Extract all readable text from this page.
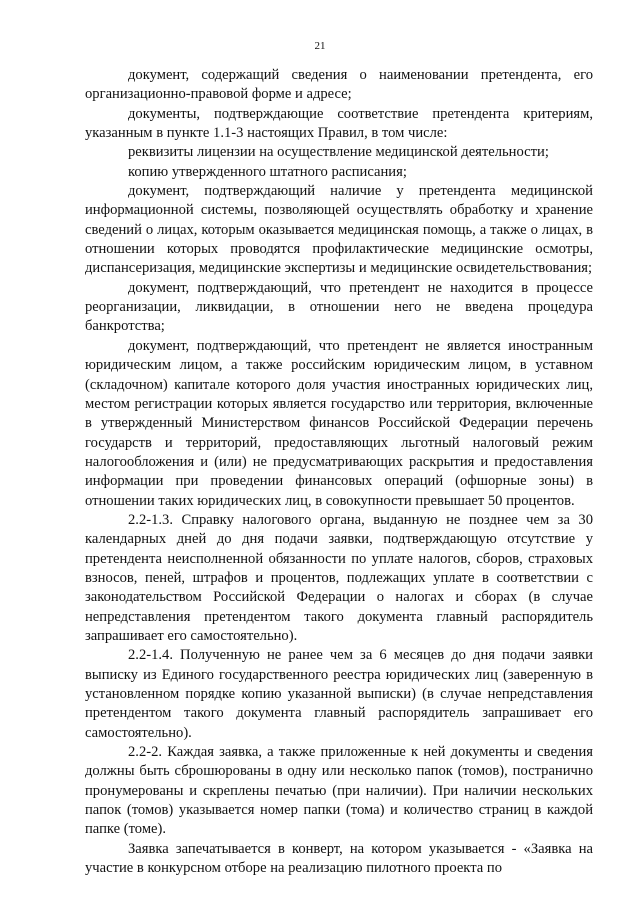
21

документ, содержащий сведения о наименовании претендента, его организационно-правовой форме и адресе;

документы, подтверждающие соответствие претендента критериям, указанным в пункте 1.1-3 настоящих Правил, в том числе:

реквизиты лицензии на осуществление медицинской деятельности;

копию утвержденного штатного расписания;

документ, подтверждающий наличие у претендента медицинской информационной системы, позволяющей осуществлять обработку и хранение сведений о лицах, которым оказывается медицинская помощь, а также о лицах, в отношении которых проводятся профилактические медицинские осмотры, диспансеризация, медицинские экспертизы и медицинские освидетельствования;

документ, подтверждающий, что претендент не находится в процессе реорганизации, ликвидации, в отношении него не введена процедура банкротства;

документ, подтверждающий, что претендент не является иностранным юридическим лицом, а также российским юридическим лицом, в уставном (складочном) капитале которого доля участия иностранных юридических лиц, местом регистрации которых является государство или территория, включенные в утвержденный Министерством финансов Российской Федерации перечень государств и территорий, предоставляющих льготный налоговый режим налогообложения и (или) не предусматривающих раскрытия и предоставления информации при проведении финансовых операций (офшорные зоны) в отношении таких юридических лиц, в совокупности превышает 50 процентов.

2.2-1.3. Справку налогового органа, выданную не позднее чем за 30 календарных дней до дня подачи заявки, подтверждающую отсутствие у претендента неисполненной обязанности по уплате налогов, сборов, страховых взносов, пеней, штрафов и процентов, подлежащих уплате в соответствии с законодательством Российской Федерации о налогах и сборах (в случае непредставления претендентом такого документа главный распорядитель запрашивает его самостоятельно).

2.2-1.4. Полученную не ранее чем за 6 месяцев до дня подачи заявки выписку из Единого государственного реестра юридических лиц (заверенную в установленном порядке копию указанной выписки) (в случае непредставления претендентом такого документа главный распорядитель запрашивает его самостоятельно).

2.2-2. Каждая заявка, а также приложенные к ней документы и сведения должны быть сброшюрованы в одну или несколько папок (томов), постранично пронумерованы и скреплены печатью (при наличии). При наличии нескольких папок (томов) указывается номер папки (тома) и количество страниц в каждой папке (томе).

Заявка запечатывается в конверт, на котором указывается - «Заявка на участие в конкурсном отборе на реализацию пилотного проекта по
